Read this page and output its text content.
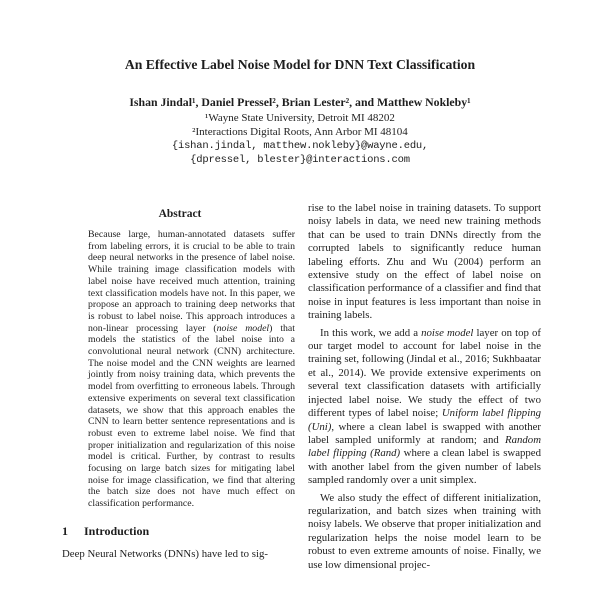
An Effective Label Noise Model for DNN Text Classification
Ishan Jindal¹, Daniel Pressel², Brian Lester², and Matthew Nokleby¹
¹Wayne State University, Detroit MI 48202
²Interactions Digital Roots, Ann Arbor MI 48104
{ishan.jindal, matthew.nokleby}@wayne.edu,
{dpressel, blester}@interactions.com
Abstract

Because large, human-annotated datasets suffer from labeling errors, it is crucial to be able to train deep neural networks in the presence of label noise. While training image classification models with label noise have received much attention, training text classification models have not. In this paper, we propose an approach to training deep networks that is robust to label noise. This approach introduces a non-linear processing layer (noise model) that models the statistics of the label noise into a convolutional neural network (CNN) architecture. The noise model and the CNN weights are learned jointly from noisy training data, which prevents the model from overfitting to erroneous labels. Through extensive experiments on several text classification datasets, we show that this approach enables the CNN to learn better sentence representations and is robust even to extreme label noise. We find that proper initialization and regularization of this noise model is critical. Further, by contrast to results focusing on large batch sizes for mitigating label noise for image classification, we find that altering the batch size does not have much effect on classification performance.

1 Introduction

Deep Neural Networks (DNNs) have led to sig-

rise to the label noise in training datasets. To support noisy labels in data, we need new training methods that can be used to train DNNs directly from the corrupted labels to significantly reduce human labeling efforts. Zhu and Wu (2004) perform an extensive study on the effect of label noise on classification performance of a classifier and find that noise in input features is less important than noise in training labels.

In this work, we add a noise model layer on top of our target model to account for label noise in the training set, following (Jindal et al., 2016; Sukhbaatar et al., 2014). We provide extensive experiments on several text classification datasets with artificially injected label noise. We study the effect of two different types of label noise; Uniform label flipping (Uni), where a clean label is swapped with another label sampled uniformly at random; and Random label flipping (Rand) where a clean label is swapped with another label from the given number of labels sampled randomly over a unit simplex.

We also study the effect of different initialization, regularization, and batch sizes when training with noisy labels. We observe that proper initialization and regularization helps the noise model learn to be robust to even extreme amounts of noise. Finally, we use low dimensional projec-
